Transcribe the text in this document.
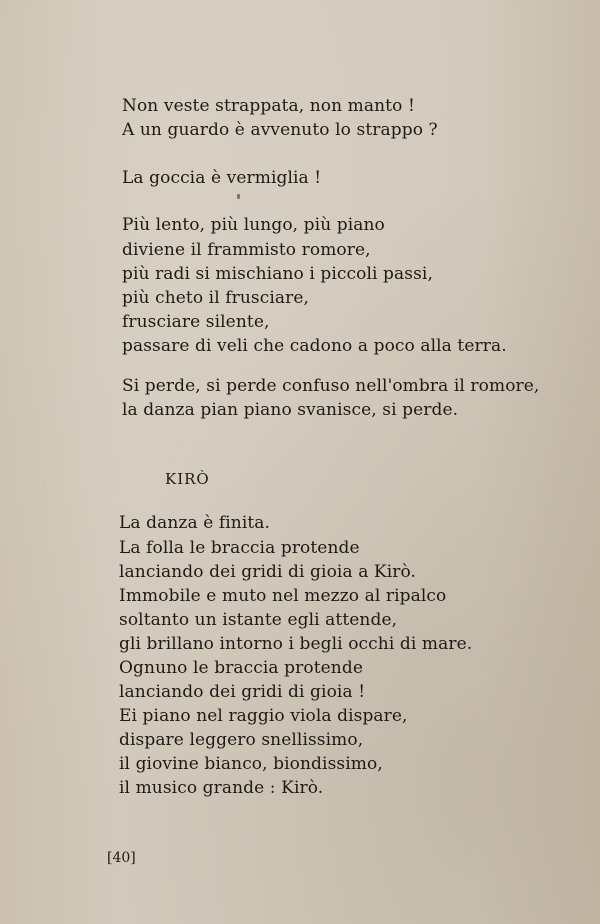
Non veste strappata, non manto !
A un guardo è avvenuto lo strappo ?
La goccia è vermiglia !
Più lento, più lungo, più piano
diviene il frammisto romore,
più radi si mischiano i piccoli passi,
più cheto il frusciare,
frusciare silente,
passare di veli che cadono a poco alla terra.
Si perde, si perde confuso nell'ombra il romore,
la danza pian piano svanisce, si perde.
KIRÒ
La danza è finita.
La folla le braccia protende
lanciando dei gridi di gioia a Kirò.
Immobile e muto nel mezzo al ripalco
soltanto un istante egli attende,
gli brillano intorno i begli occhi di mare.
Ognuno le braccia protende
lanciando dei gridi di gioia !
Ei piano nel raggio viola dispare,
dispare leggero snellissimo,
il giovine bianco, biondissimo,
il musico grande : Kirò.
[40]
